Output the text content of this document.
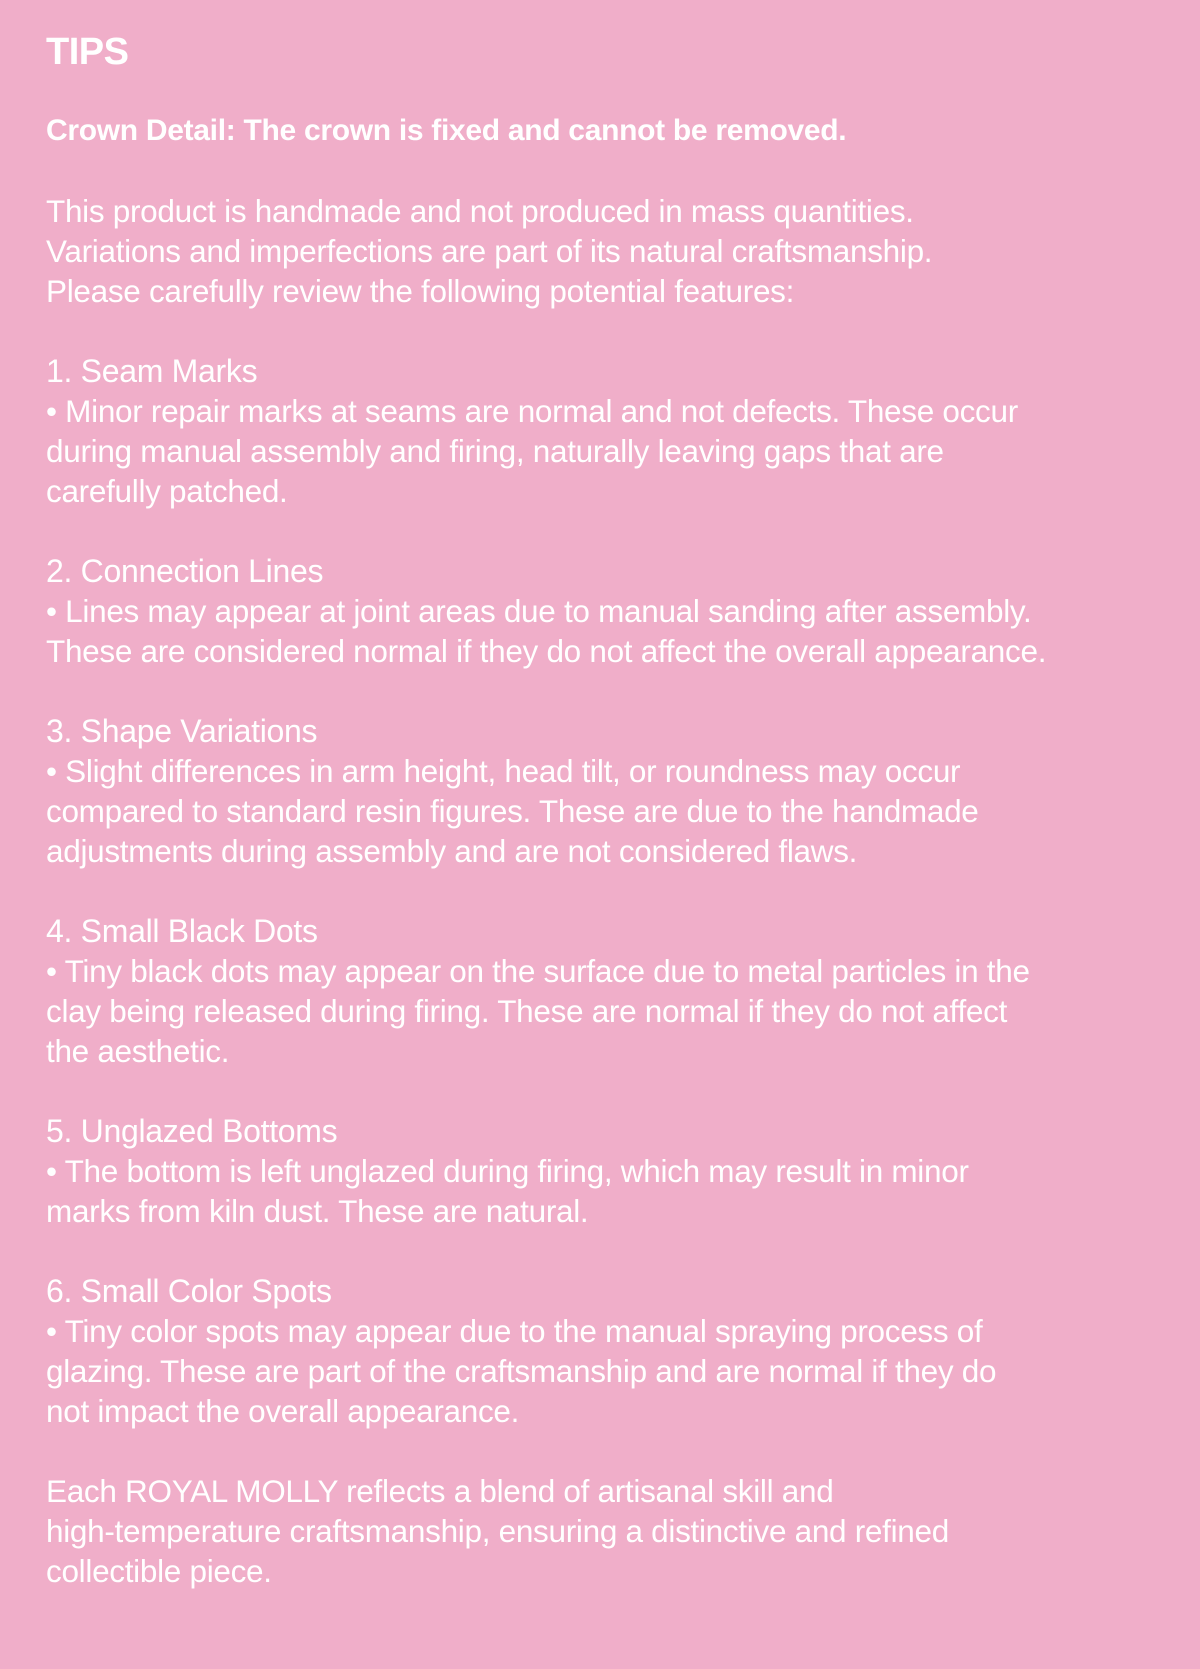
TIPS
Crown Detail: The crown is fixed and cannot be removed.
This product is handmade and not produced in mass quantities.
Variations and imperfections are part of its natural craftsmanship.
Please carefully review the following potential features:
1. Seam Marks
• Minor repair marks at seams are normal and not defects. These occur
during manual assembly and firing, naturally leaving gaps that are
carefully patched.
2. Connection Lines
• Lines may appear at joint areas due to manual sanding after assembly.
These are considered normal if they do not affect the overall appearance.
3. Shape Variations
• Slight differences in arm height, head tilt, or roundness may occur
compared to standard resin figures. These are due to the handmade
adjustments during assembly and are not considered flaws.
4. Small Black Dots
• Tiny black dots may appear on the surface due to metal particles in the
clay being released during firing. These are normal if they do not affect
the aesthetic.
5. Unglazed Bottoms
• The bottom is left unglazed during firing, which may result in minor
marks from kiln dust. These are natural.
6. Small Color Spots
• Tiny color spots may appear due to the manual spraying process of
glazing. These are part of the craftsmanship and are normal if they do
not impact the overall appearance.
Each ROYAL MOLLY reflects a blend of artisanal skill and
high-temperature craftsmanship, ensuring a distinctive and refined
collectible piece.
